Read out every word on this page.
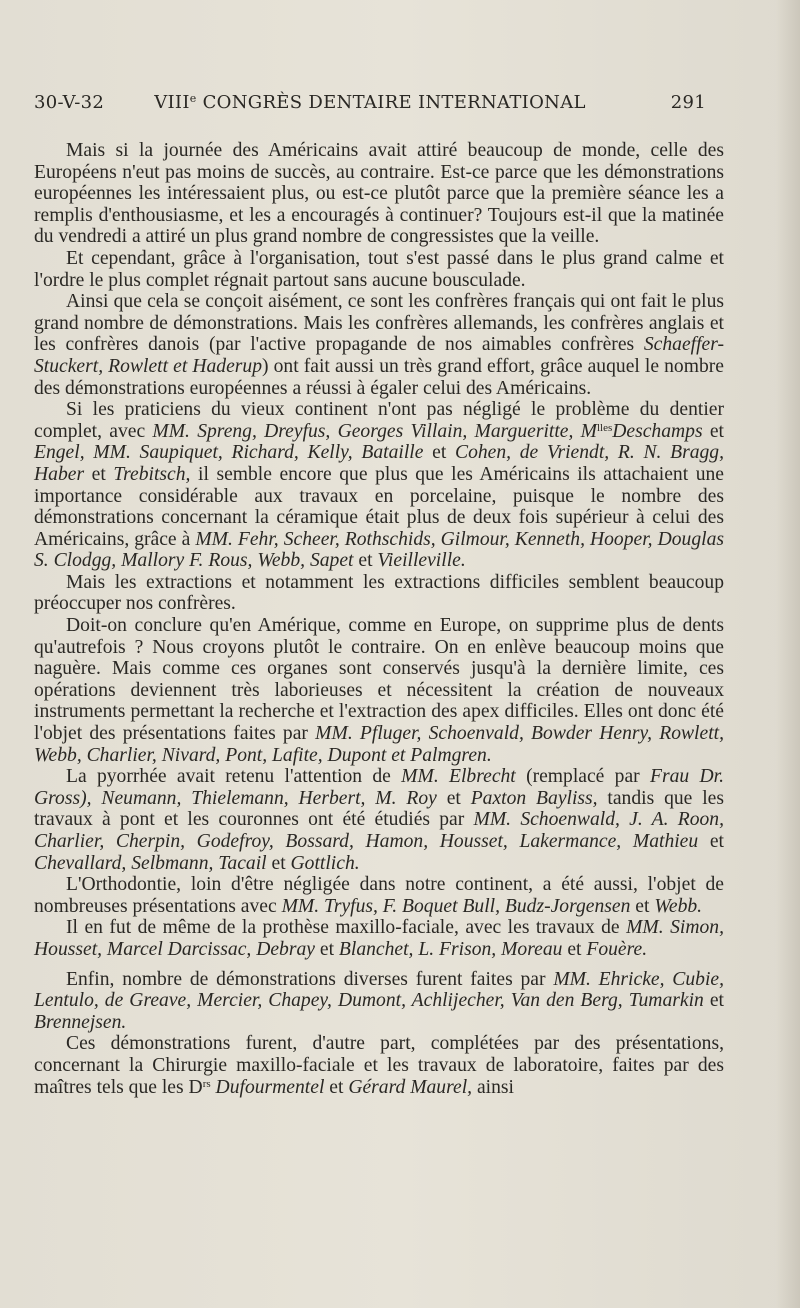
30-V-32	VIIIe CONGRÈS DENTAIRE INTERNATIONAL	291

Mais si la journée des Américains avait attiré beaucoup de monde, celle des Européens n'eut pas moins de succès, au contraire. Est-ce parce que les démonstrations européennes les intéressaient plus, ou est-ce plutôt parce que la première séance les a remplis d'enthousiasme, et les a encouragés à continuer? Toujours est-il que la matinée du vendredi a attiré un plus grand nombre de congressistes que la veille.

Et cependant, grâce à l'organisation, tout s'est passé dans le plus grand calme et l'ordre le plus complet régnait partout sans aucune bousculade.

Ainsi que cela se conçoit aisément, ce sont les confrères français qui ont fait le plus grand nombre de démonstrations. Mais les confrères allemands, les confrères anglais et les confrères danois (par l'active propagande de nos aimables confrères Schaeffer-Stuckert, Rowlett et Haderup) ont fait aussi un très grand effort, grâce auquel le nombre des démonstrations européennes a réussi à égaler celui des Américains.

Si les praticiens du vieux continent n'ont pas négligé le problème du dentier complet, avec MM. Spreng, Dreyfus, Georges Villain, Margueritte, $M^{lles}Deschamps$ et Engel, MM. Saupiquet, Richard, Kelly, Bataille et Cohen, de Vriendt, R. N. Bragg, Haber et Trebitsch, il semble encore que plus que les Américains ils attachaient une importance considérable aux travaux en porcelaine, puisque le nombre des démonstrations concernant la céramique était plus de deux fois supérieur à celui des Américains, grâce à MM. Fehr, Scheer, Rothschids, Gilmour, Kenneth, Hooper, Douglas S. Clodgg, Mallory F. Rous, Webb, Sapet et Vieilleville.

Mais les extractions et notamment les extractions difficiles semblent beaucoup préoccuper nos confrères.

Doit-on conclure qu'en Amérique, comme en Europe, on supprime plus de dents qu'autrefois ? Nous croyons plutôt le contraire. On en enlève beaucoup moins que naguère. Mais comme ces organes sont conservés jusqu'à la dernière limite, ces opérations deviennent très laborieuses et nécessitent la création de nouveaux instruments permettant la recherche et l'extraction des apex difficiles. Elles ont donc été l'objet des présentations faites par MM. Pfluger, Schoenvald, Bowder Henry, Rowlett, Webb, Charlier, Nivard, Pont, Lafite, Dupont et Palmgren.

La pyorrhée avait retenu l'attention de MM. Elbrecht (remplacé par Frau Dr. Gross), Neumann, Thielemann, Herbert, M. Roy et Paxton Bayliss, tandis que les travaux à pont et les couronnes ont été étudiés par MM. Schoenwald, J. A. Roon, Charlier, Cherpin, Godefroy, Bossard, Hamon, Housset, Lakermance, Mathieu et Chevallard, Selbmann, Tacail et Gottlich.

L'Orthodontie, loin d'être négligée dans notre continent, a été aussi, l'objet de nombreuses présentations avec MM. Tryfus, F. Boquet Bull, Budz-Jorgensen et Webb.

Il en fut de même de la prothèse maxillo-faciale, avec les travaux de MM. Simon, Housset, Marcel Darcissac, Debray et Blanchet, L. Frison, Moreau et Fouère.

Enfin, nombre de démonstrations diverses furent faites par MM. Ehricke, Cubie, Lentulo, de Greave, Mercier, Chapey, Dumont, Achlijecher, Van den Berg, Tumarkin et Brennejsen.

Ces démonstrations furent, d'autre part, complétées par des présentations, concernant la Chirurgie maxillo-faciale et les travaux de laboratoire, faites par des maîtres tels que les $D^{rs}$ Dufourmentel et Gérard Maurel, ainsi
